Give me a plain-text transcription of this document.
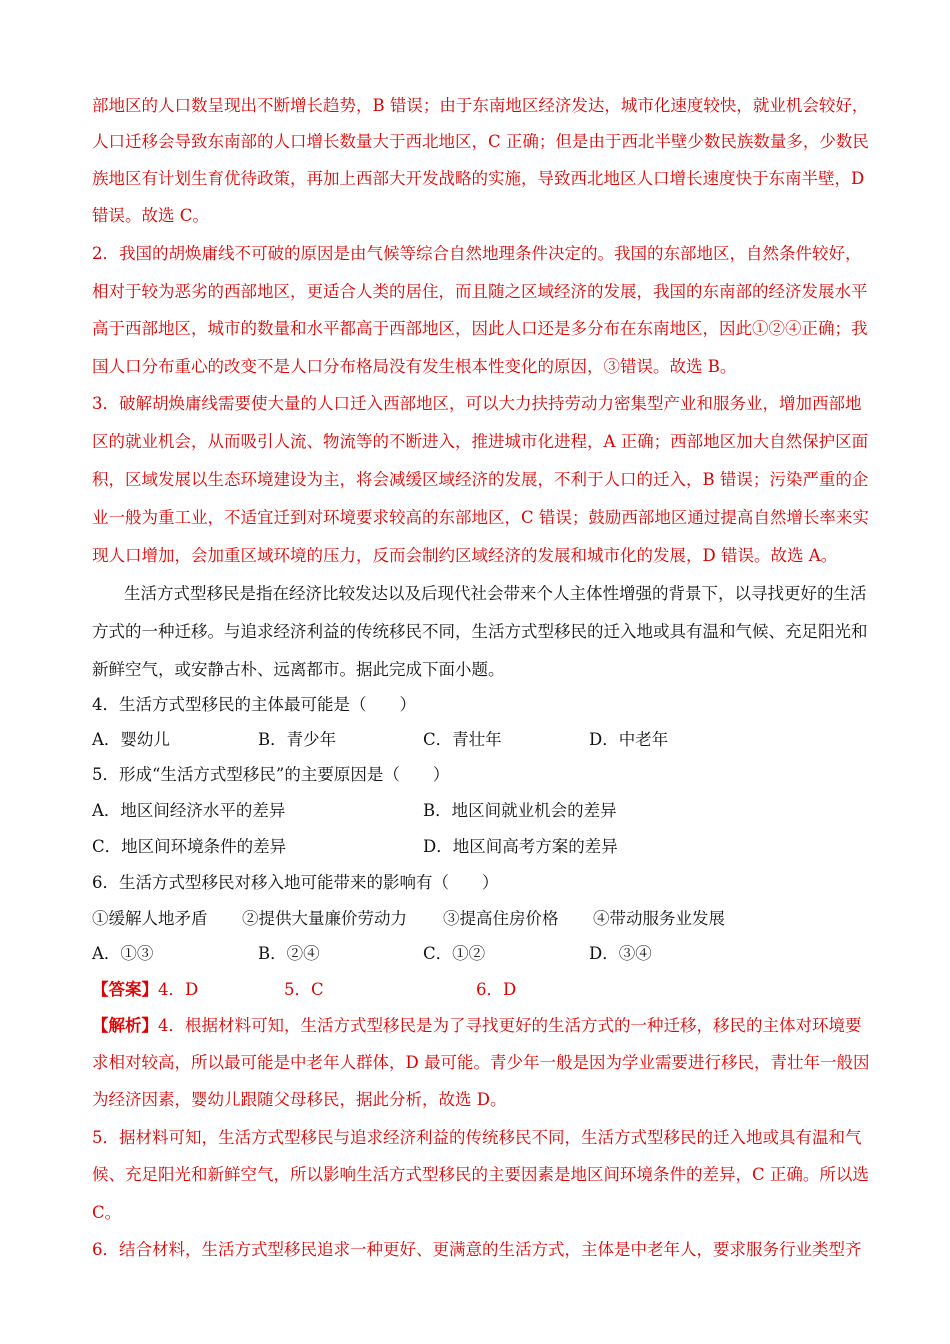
部地区的人口数呈现出不断增长趋势，B 错误；由于东南地区经济发达，城市化速度较快，就业机会较好，
人口迁移会导致东南部的人口增长数量大于西北地区，C 正确；但是由于西北半壁少数民族数量多，少数民
族地区有计划生育优待政策，再加上西部大开发战略的实施，导致西北地区人口增长速度快于东南半壁，D
错误。故选 C。
2．我国的胡焕庸线不可破的原因是由气候等综合自然地理条件决定的。我国的东部地区，自然条件较好，
相对于较为恶劣的西部地区，更适合人类的居住，而且随之区域经济的发展，我国的东南部的经济发展水平
高于西部地区，城市的数量和水平都高于西部地区，因此人口还是多分布在东南地区，因此①②④正确；我
国人口分布重心的改变不是人口分布格局没有发生根本性变化的原因，③错误。故选 B。
3．破解胡焕庸线需要使大量的人口迁入西部地区，可以大力扶持劳动力密集型产业和服务业，增加西部地
区的就业机会，从而吸引人流、物流等的不断进入，推进城市化进程，A 正确；西部地区加大自然保护区面
积，区域发展以生态环境建设为主，将会减缓区域经济的发展，不利于人口的迁入，B 错误；污染严重的企
业一般为重工业，不适宜迁到对环境要求较高的东部地区，C 错误；鼓励西部地区通过提高自然增长率来实
现人口增加，会加重区域环境的压力，反而会制约区域经济的发展和城市化的发展，D 错误。故选 A。
生活方式型移民是指在经济比较发达以及后现代社会带来个人主体性增强的背景下，以寻找更好的生活
方式的一种迁移。与追求经济利益的传统移民不同，生活方式型移民的迁入地或具有温和气候、充足阳光和
新鲜空气，或安静古朴、远离都市。据此完成下面小题。
4．生活方式型移民的主体最可能是（　　）
A．婴幼儿	B．青少年	C．青壮年	D．中老年
5．形成“生活方式型移民”的主要原因是（　　）
A．地区间经济水平的差异	B．地区间就业机会的差异
C．地区间环境条件的差异	D．地区间高考方案的差异
6．生活方式型移民对移入地可能带来的影响有（　　）
①缓解人地矛盾 ②提供大量廉价劳动力 ③提高住房价格 ④带动服务业发展
A．①③	B．②④	C．①②	D．③④
【答案】 4．D	5．C	6．D
【解析】 4．根据材料可知，生活方式型移民是为了寻找更好的生活方式的一种迁移，移民的主体对环境要
求相对较高，所以最可能是中老年人群体，D 最可能。青少年一般是因为学业需要进行移民，青壮年一般因
为经济因素，婴幼儿跟随父母移民，据此分析，故选 D。
5．据材料可知，生活方式型移民与追求经济利益的传统移民不同，生活方式型移民的迁入地或具有温和气
候、充足阳光和新鲜空气，所以影响生活方式型移民的主要因素是地区间环境条件的差异，C 正确。所以选
C。
6．结合材料，生活方式型移民追求一种更好、更满意的生活方式，主体是中老年人，要求服务行业类型齐
